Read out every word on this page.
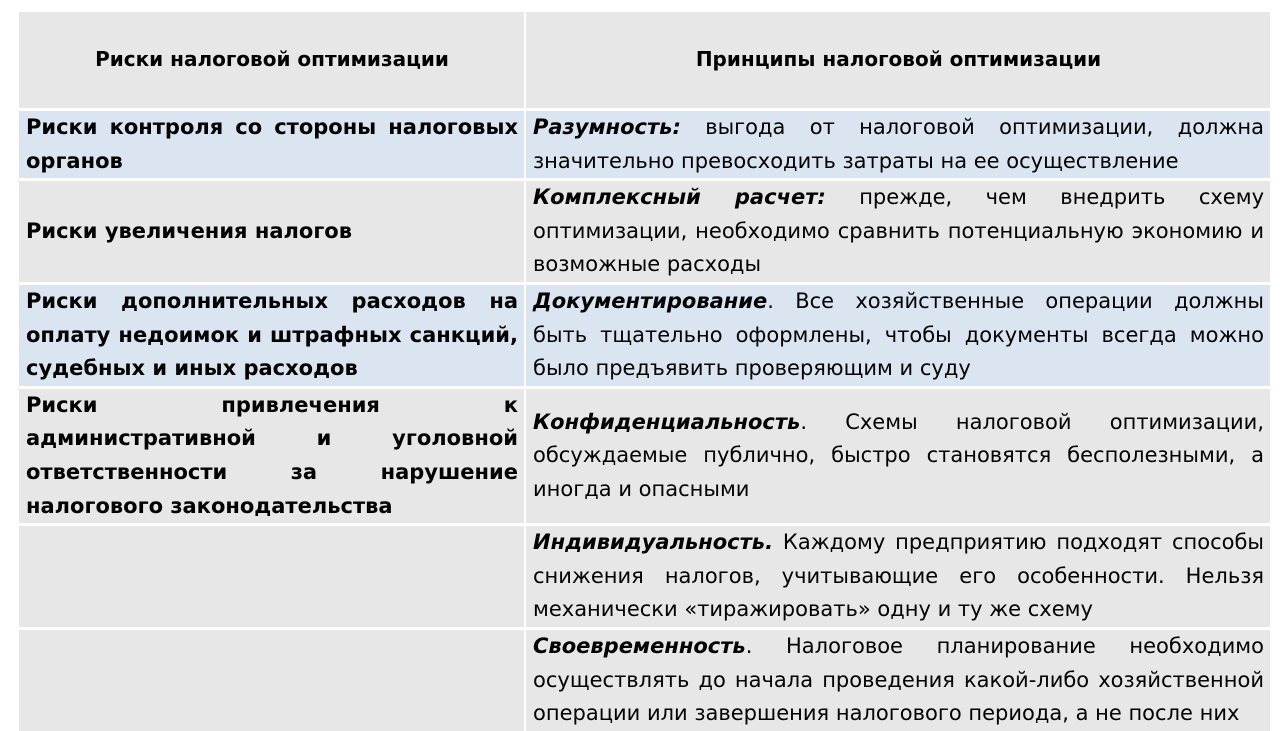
Риски налоговой оптимизации	Принципы налоговой оптимизации
Риски контроля со стороны налоговых органов	Разумность: выгода от налоговой оптимизации, должна значительно превосходить затраты на ее осуществление
Риски увеличения налогов	Комплексный расчет: прежде, чем внедрить схему оптимизации, необходимо сравнить потенциальную экономию и возможные расходы
Риски дополнительных расходов на оплату недоимок и штрафных санкций, судебных и иных расходов	Документирование. Все хозяйственные операции должны быть тщательно оформлены, чтобы документы всегда можно было предъявить проверяющим и суду
Риски привлечения к административной и уголовной ответственности за нарушение налогового законодательства	Конфиденциальность. Схемы налоговой оптимизации, обсуждаемые публично, быстро становятся бесполезными, а иногда и опасными
	Индивидуальность. Каждому предприятию подходят способы снижения налогов, учитывающие его особенности. Нельзя механически «тиражировать» одну и ту же схему
	Своевременность. Налоговое планирование необходимо осуществлять до начала проведения какой-либо хозяйственной операции или завершения налогового периода, а не после них
